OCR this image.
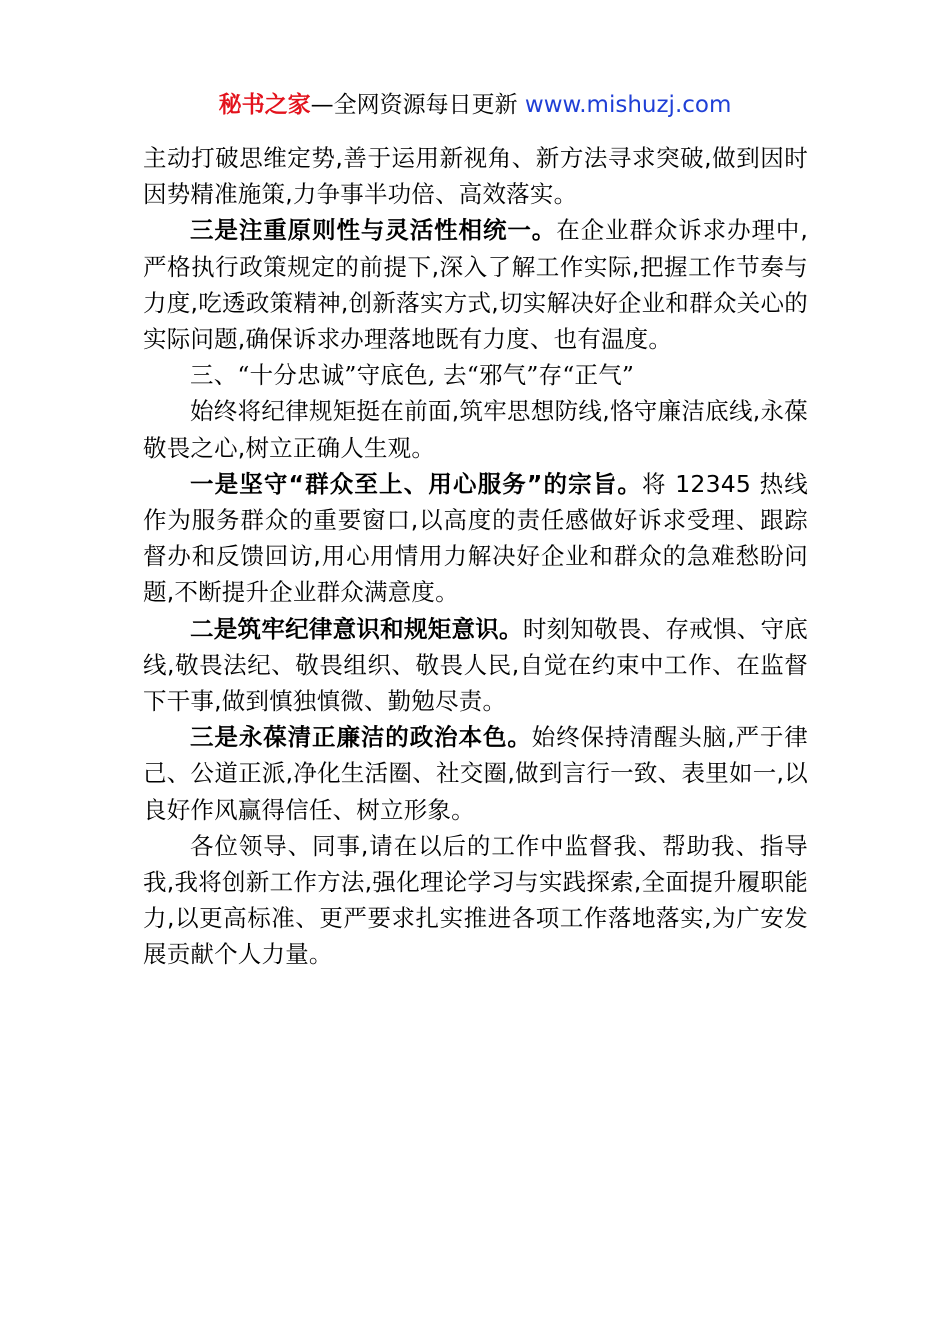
秘书之家—全网资源每日更新 www.mishuzj.com

主动打破思维定势,善于运用新视角、新方法寻求突破,做到因时因势精准施策,力争事半功倍、高效落实。

三是注重原则性与灵活性相统一。在企业群众诉求办理中,严格执行政策规定的前提下,深入了解工作实际,把握工作节奏与力度,吃透政策精神,创新落实方式,切实解决好企业和群众关心的实际问题,确保诉求办理落地既有力度、也有温度。

三、“十分忠诚”守底色, 去“邪气”存“正气”

始终将纪律规矩挺在前面,筑牢思想防线,恪守廉洁底线,永葆敬畏之心,树立正确人生观。

一是坚守“群众至上、用心服务”的宗旨。将 12345 热线作为服务群众的重要窗口,以高度的责任感做好诉求受理、跟踪督办和反馈回访,用心用情用力解决好企业和群众的急难愁盼问题,不断提升企业群众满意度。

二是筑牢纪律意识和规矩意识。时刻知敬畏、存戒惧、守底线,敬畏法纪、敬畏组织、敬畏人民,自觉在约束中工作、在监督下干事,做到慎独慎微、勤勉尽责。

三是永葆清正廉洁的政治本色。始终保持清醒头脑,严于律己、公道正派,净化生活圈、社交圈,做到言行一致、表里如一,以良好作风赢得信任、树立形象。

各位领导、同事,请在以后的工作中监督我、帮助我、指导我,我将创新工作方法,强化理论学习与实践探索,全面提升履职能力,以更高标准、更严要求扎实推进各项工作落地落实,为广安发展贡献个人力量。
